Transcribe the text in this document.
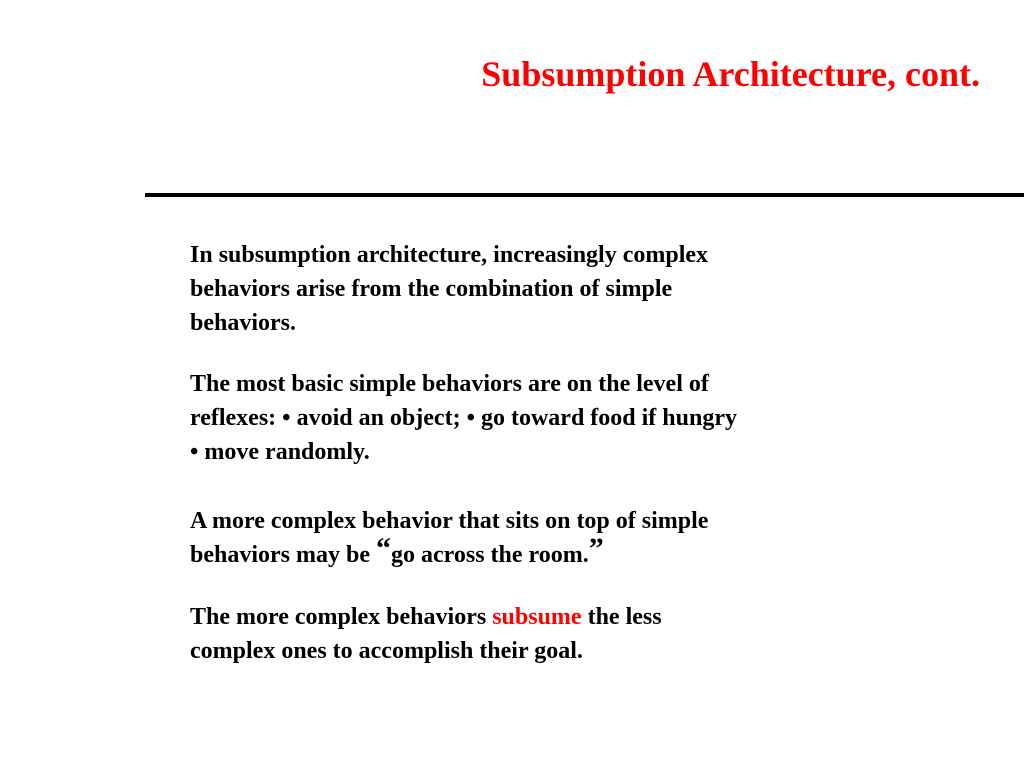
Subsumption Architecture, cont.

In subsumption architecture, increasingly complex
behaviors arise from the combination of simple
behaviors.

The most basic simple behaviors are on the level of
reflexes: • avoid an object; • go toward food if hungry
• move randomly.

A more complex behavior that sits on top of simple
behaviors may be “go across the room.”

The more complex behaviors subsume the less
complex ones to accomplish their goal.
